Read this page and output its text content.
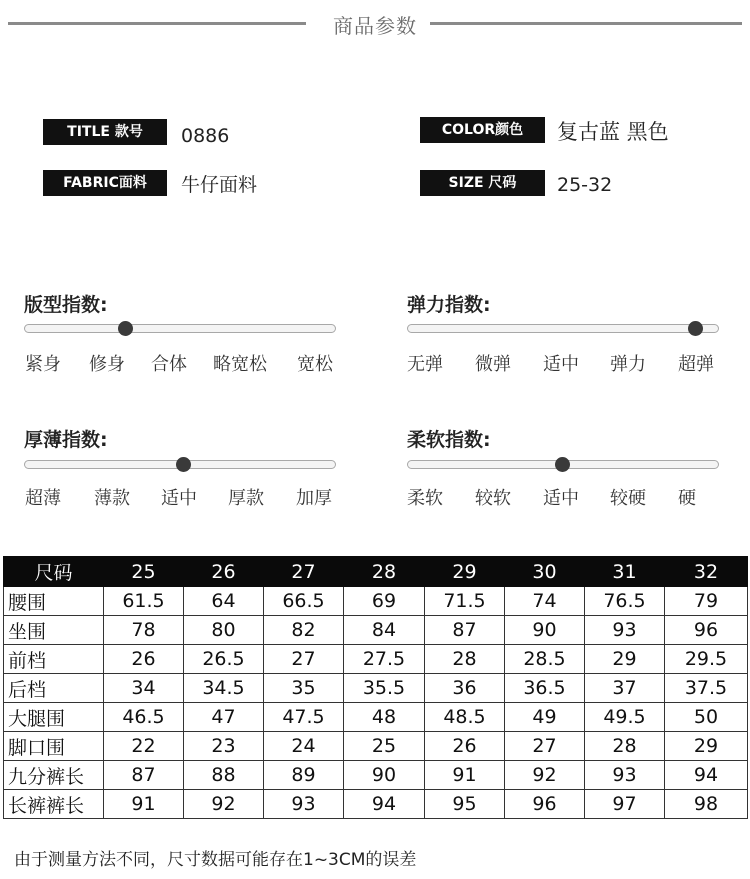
商品参数
TITLE 款号	0886	COLOR颜色	复古蓝 黑色
FABRIC面料	牛仔面料	SIZE 尺码	25-32
版型指数:
紧身 修身 合体 略宽松 宽松
弹力指数:
无弹 微弹 适中 弹力 超弹
厚薄指数:
超薄 薄款 适中 厚款 加厚
柔软指数:
柔软 较软 适中 较硬 硬
尺码	25	26	27	28	29	30	31	32
腰围	61.5	64	66.5	69	71.5	74	76.5	79
坐围	78	80	82	84	87	90	93	96
前档	26	26.5	27	27.5	28	28.5	29	29.5
后档	34	34.5	35	35.5	36	36.5	37	37.5
大腿围	46.5	47	47.5	48	48.5	49	49.5	50
脚口围	22	23	24	25	26	27	28	29
九分裤长	87	88	89	90	91	92	93	94
长裤裤长	91	92	93	94	95	96	97	98
由于测量方法不同，尺寸数据可能存在1~3CM的误差
